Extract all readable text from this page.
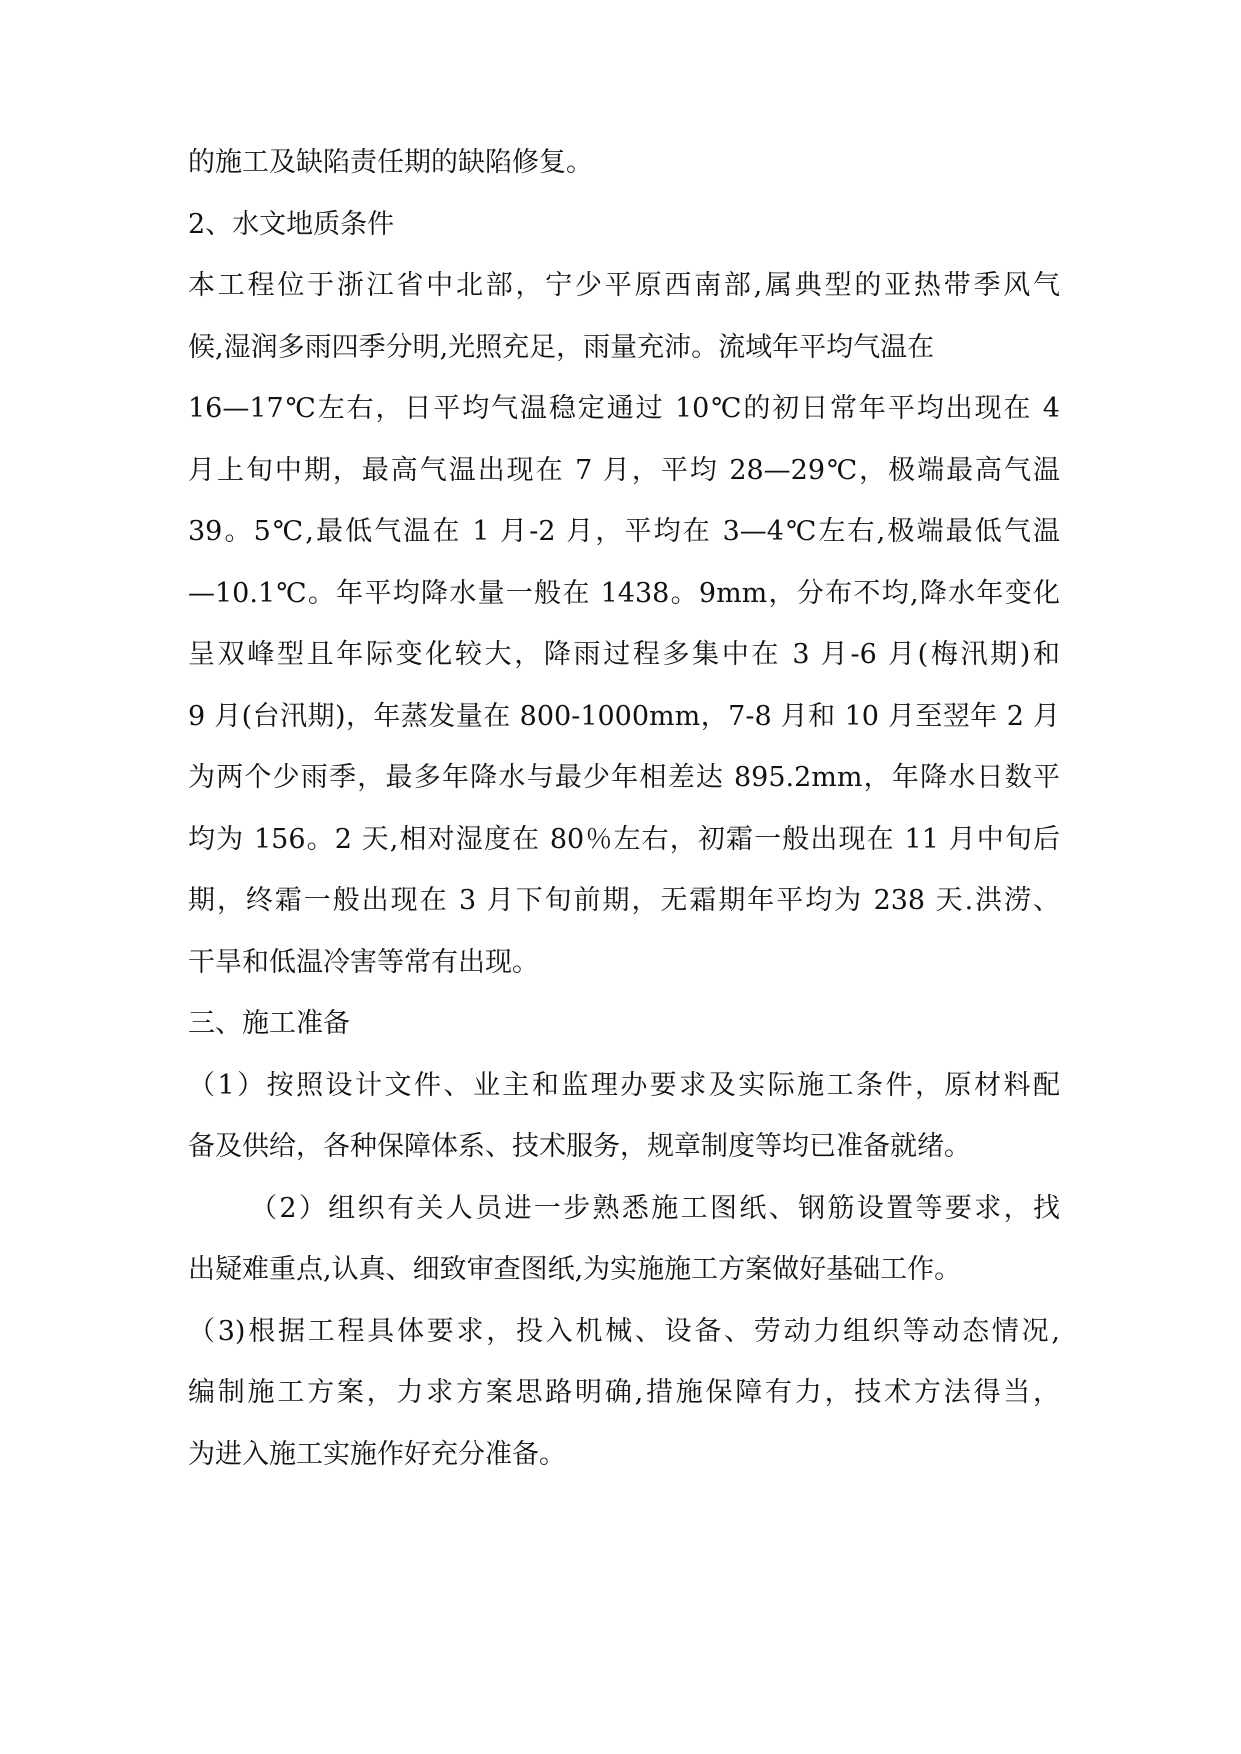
的施工及缺陷责任期的缺陷修复。
2、水文地质条件
本工程位于浙江省中北部，宁少平原西南部,属典型的亚热带季风气
候,湿润多雨四季分明,光照充足，雨量充沛。流域年平均气温在
16—17℃左右，日平均气温稳定通过 10℃的初日常年平均出现在 4
月上旬中期，最高气温出现在 7 月，平均 28—29℃，极端最高气温
39。5℃,最低气温在 1 月-2 月，平均在 3—4℃左右,极端最低气温
—10.1℃。年平均降水量一般在 1438。9mm，分布不均,降水年变化
呈双峰型且年际变化较大，降雨过程多集中在 3 月-6 月(梅汛期)和
9 月(台汛期)，年蒸发量在 800-1000mm，7-8 月和 10 月至翌年 2 月
为两个少雨季，最多年降水与最少年相差达 895.2mm，年降水日数平
均为 156。2 天,相对湿度在 80％左右，初霜一般出现在 11 月中旬后
期，终霜一般出现在 3 月下旬前期，无霜期年平均为 238 天.洪涝、
干旱和低温冷害等常有出现。
三、施工准备
（1）按照设计文件、业主和监理办要求及实际施工条件，原材料配
备及供给，各种保障体系、技术服务，规章制度等均已准备就绪。
（2）组织有关人员进一步熟悉施工图纸、钢筋设置等要求，找
出疑难重点,认真、细致审查图纸,为实施施工方案做好基础工作。
（3)根据工程具体要求，投入机械、设备、劳动力组织等动态情况,
编制施工方案，力求方案思路明确,措施保障有力，技术方法得当，
为进入施工实施作好充分准备。
